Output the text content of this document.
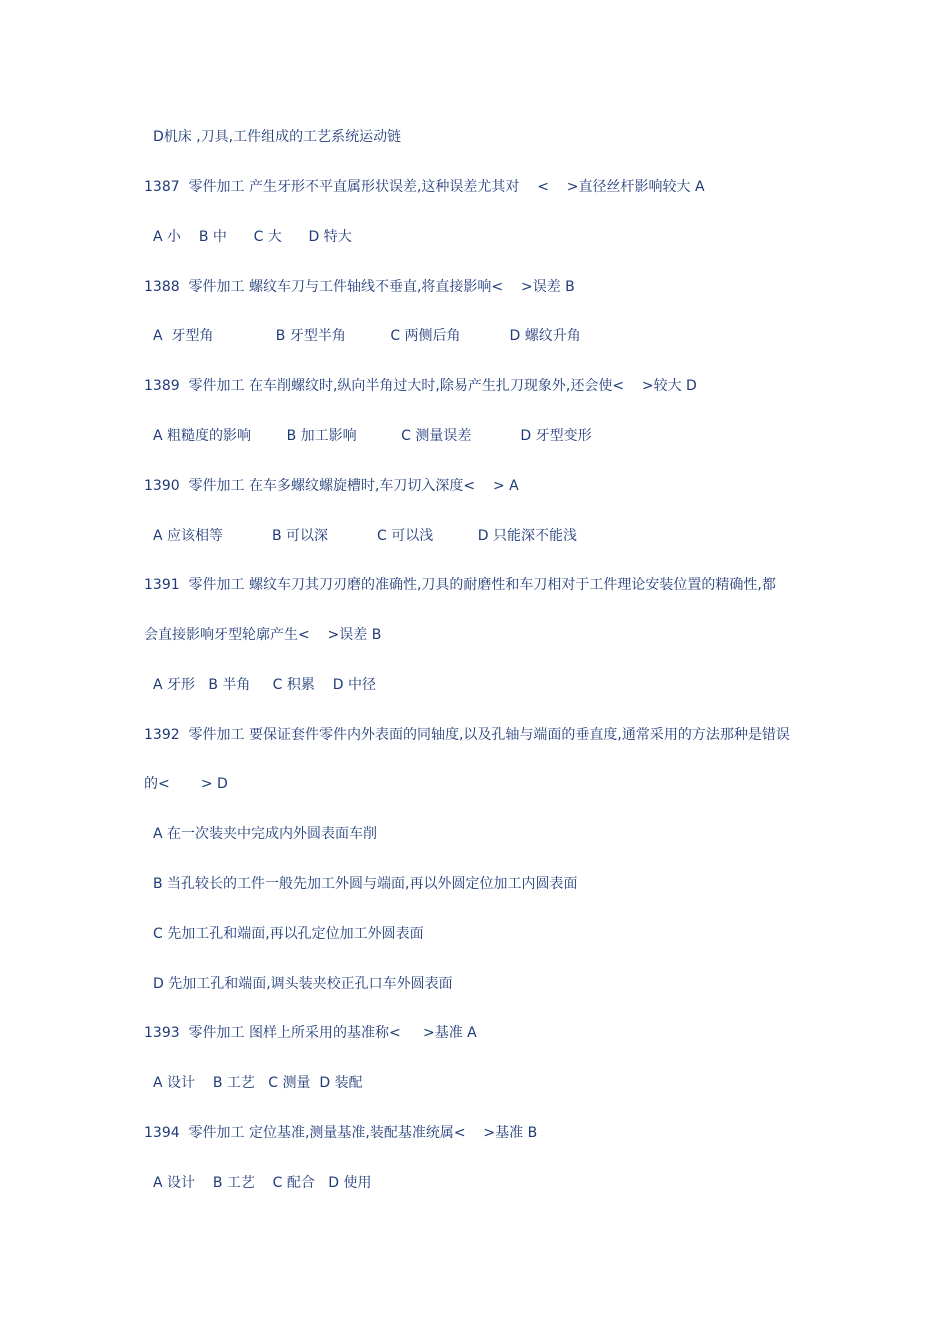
D机床 ,刀具,工件组成的工艺系统运动链
1387  零件加工 产生牙形不平直属形状误差,这种误差尤其对    <    >直径丝杆影响较大 A
A 小    B 中      C 大      D 特大
1388  零件加工 螺纹车刀与工件轴线不垂直,将直接影响<    >误差 B
A  牙型角              B 牙型半角          C 两侧后角           D 螺纹升角
1389  零件加工 在车削螺纹时,纵向半角过大时,除易产生扎刀现象外,还会使<    >较大 D
A 粗糙度的影响        B 加工影响          C 测量误差           D 牙型变形
1390  零件加工 在车多螺纹螺旋槽时,车刀切入深度<    > A
A 应该相等           B 可以深           C 可以浅          D 只能深不能浅
1391  零件加工 螺纹车刀其刀刃磨的准确性,刀具的耐磨性和车刀相对于工件理论安装位置的精确性,都
会直接影响牙型轮廓产生<    >误差 B
A 牙形   B 半角     C 积累    D 中径
1392  零件加工 要保证套件零件内外表面的同轴度,以及孔轴与端面的垂直度,通常采用的方法那种是错误
的<       > D
A 在一次装夹中完成内外圆表面车削
B 当孔较长的工件一般先加工外圆与端面,再以外圆定位加工内圆表面
C 先加工孔和端面,再以孔定位加工外圆表面
D 先加工孔和端面,调头装夹校正孔口车外圆表面
1393  零件加工 图样上所采用的基准称<     >基准 A
A 设计    B 工艺   C 测量  D 装配
1394  零件加工 定位基准,测量基准,装配基准统属<    >基准 B
A 设计    B 工艺    C 配合   D 使用
